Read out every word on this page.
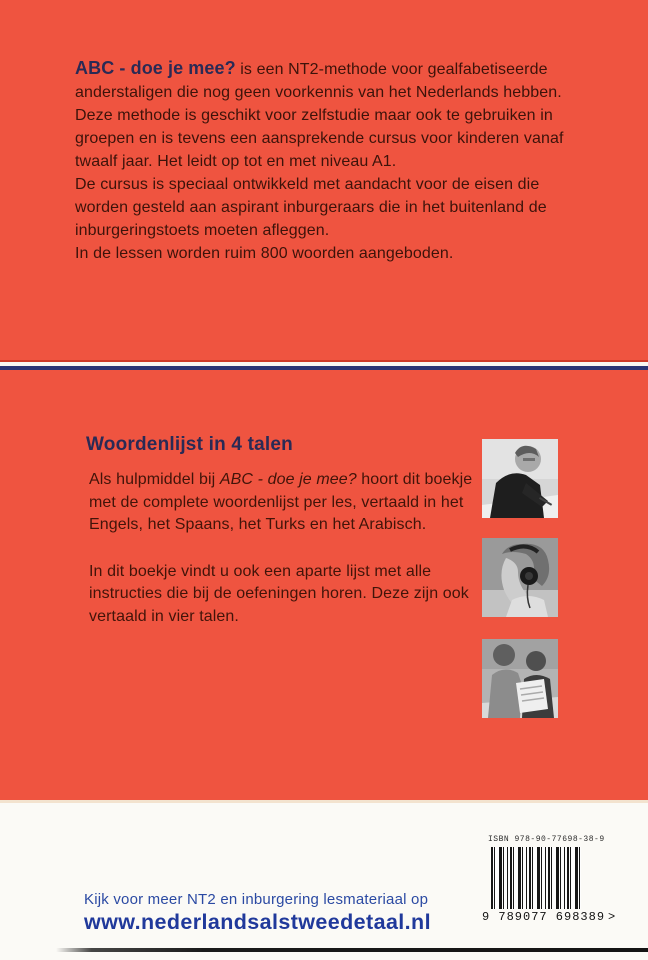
ABC - doe je mee? is een NT2-methode voor gealfabetiseerde anderstaligen die nog geen voorkennis van het Nederlands hebben. Deze methode is geschikt voor zelfstudie maar ook te gebruiken in groepen en is tevens een aansprekende cursus voor kinderen vanaf twaalf jaar. Het leidt op tot en met niveau A1.

De cursus is speciaal ontwikkeld met aandacht voor de eisen die worden gesteld aan aspirant inburgeraars die in het buitenland de inburgeringstoets moeten afleggen.

In de lessen worden ruim 800 woorden aangeboden.

Woordenlijst in 4 talen

Als hulpmiddel bij ABC - doe je mee? hoort dit boekje met de complete woordenlijst per les, vertaald in het Engels, het Spaans, het Turks en het Arabisch.

In dit boekje vindt u ook een aparte lijst met alle instructies die bij de oefeningen horen. Deze zijn ook vertaald in vier talen.

Kijk voor meer NT2 en inburgering lesmateriaal op
www.nederlandsalstweedetaal.nl
ISBN 978-90-77698-38-9
9 789077 698389 >
